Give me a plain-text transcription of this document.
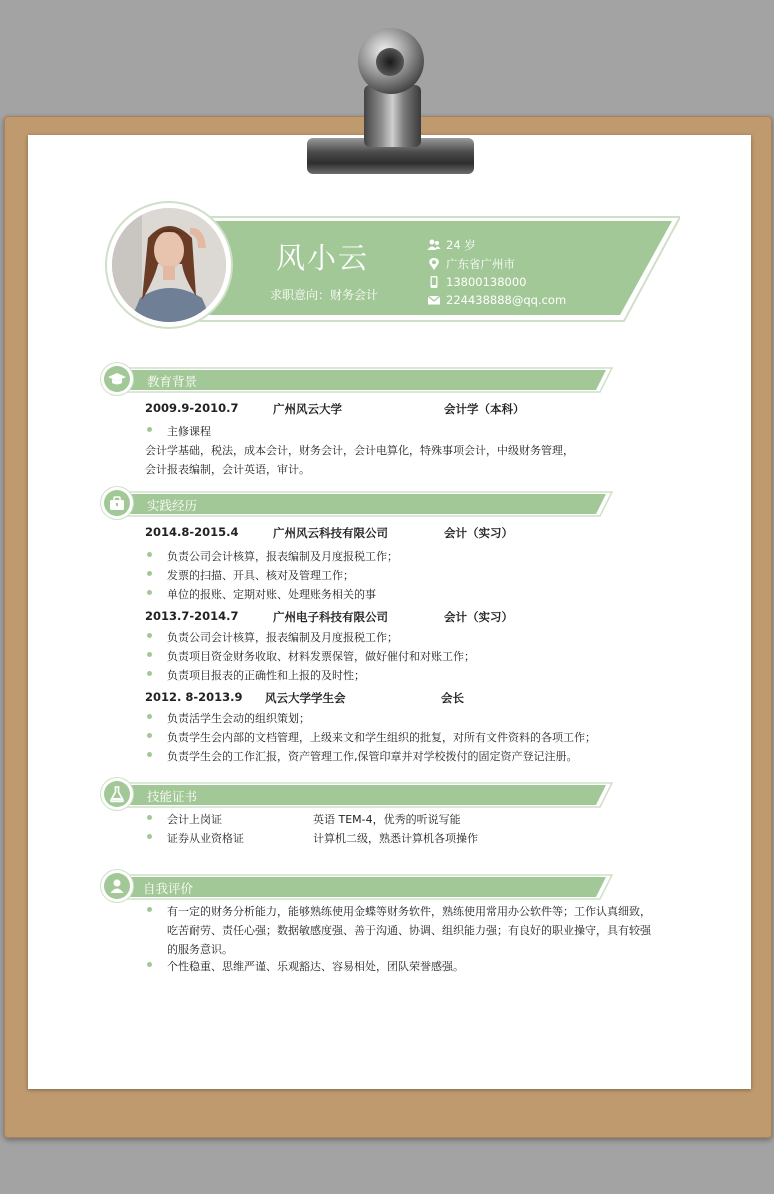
风小云
求职意向：财务会计
24 岁
广东省广州市
13800138000
224438888@qq.com
教育背景
2009.9-2010.7	广州风云大学	会计学（本科）
主修课程
会计学基础，税法，成本会计，财务会计，会计电算化，特殊事项会计，中级财务管理，
会计报表编制，会计英语，审计。
实践经历
2014.8-2015.4	广州风云科技有限公司	会计（实习）
负责公司会计核算，报表编制及月度报税工作；
发票的扫描、开具、核对及管理工作；
单位的报账、定期对账、处理账务相关的事
2013.7-2014.7	广州电子科技有限公司	会计（实习）
负责公司会计核算，报表编制及月度报税工作；
负责项目资金财务收取、材料发票保管，做好催付和对账工作；
负责项目报表的正确性和上报的及时性；
2012. 8-2013.9 风云大学学生会	会长
负责活学生会动的组织策划；
负责学生会内部的文档管理，上级来文和学生组织的批复，对所有文件资料的各项工作；
负责学生会的工作汇报，资产管理工作,保管印章并对学校拨付的固定资产登记注册。
技能证书
会计上岗证	英语 TEM-4，优秀的听说写能
证券从业资格证	计算机二级，熟悉计算机各项操作
自我评价
有一定的财务分析能力，能够熟练使用金蝶等财务软件，熟练使用常用办公软件等；工作认真细致，
吃苦耐劳、责任心强；数据敏感度强、善于沟通、协调、组织能力强；有良好的职业操守，具有较强
的服务意识。
个性稳重、思维严谨、乐观豁达、容易相处，团队荣誉感强。
